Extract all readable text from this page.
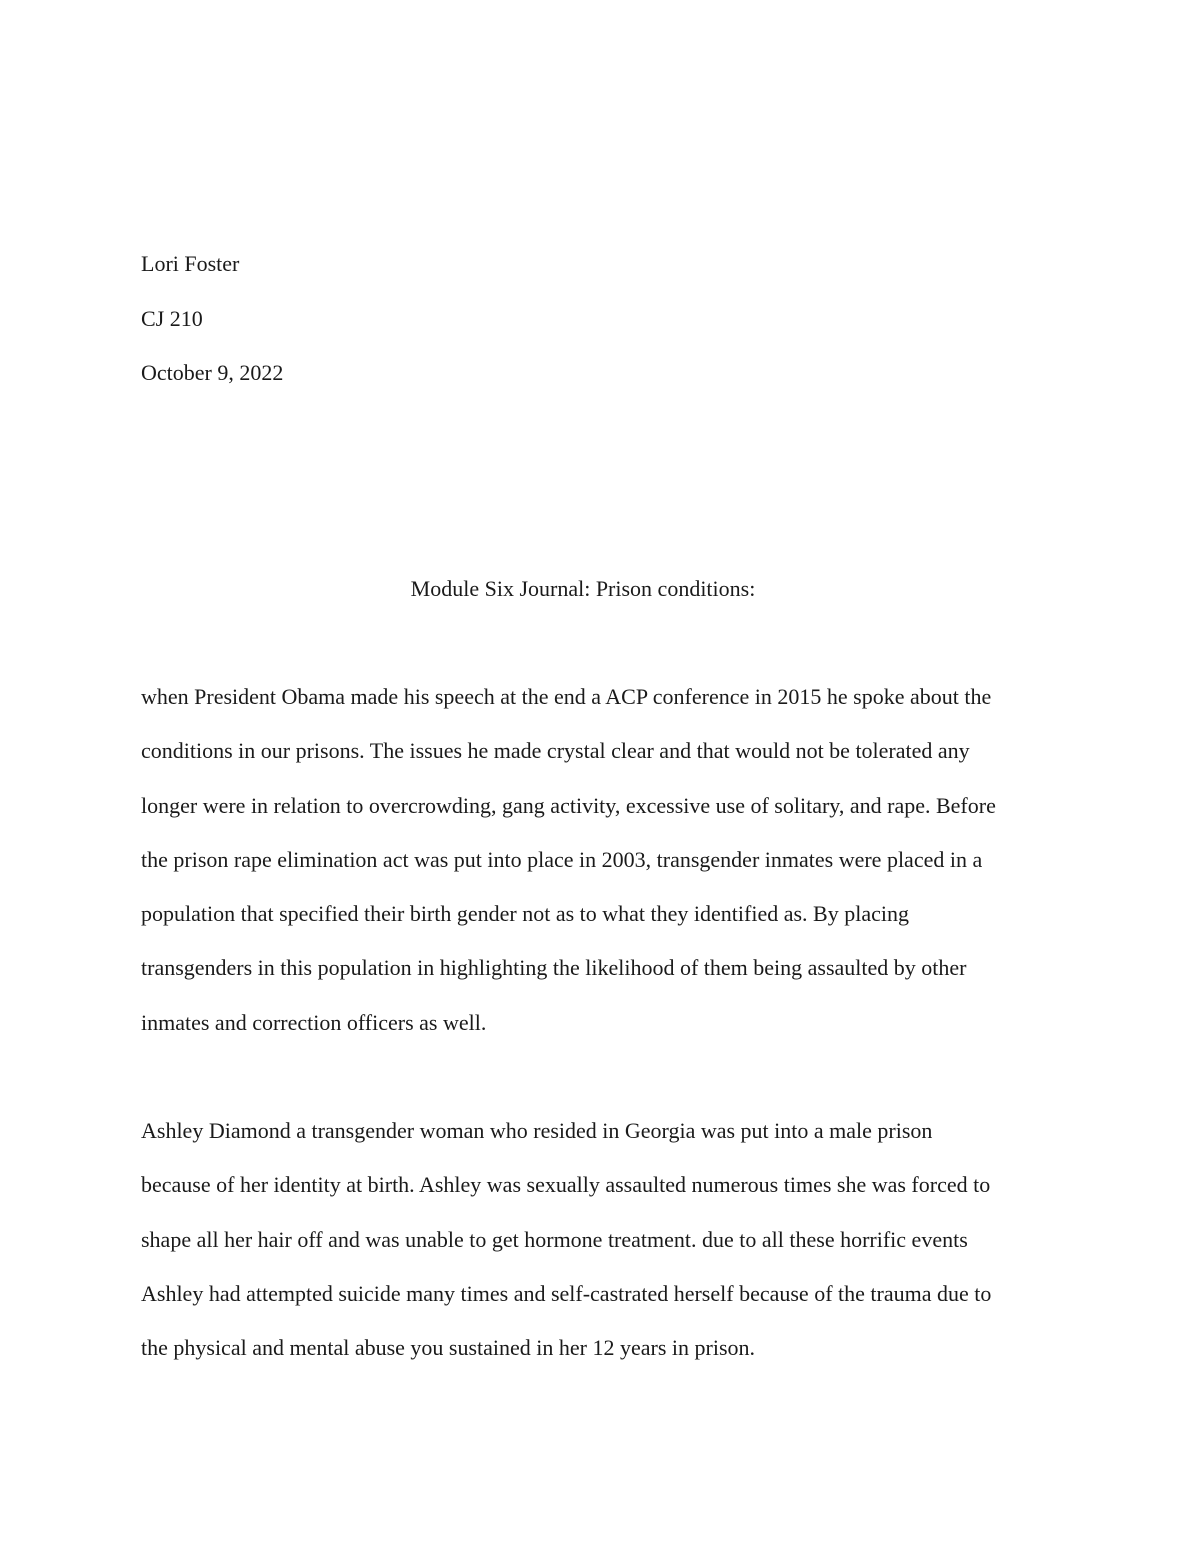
Lori Foster

CJ 210

October 9, 2022

Module Six Journal: Prison conditions:

when President Obama made his speech at the end a ACP conference in 2015 he spoke about the
conditions in our prisons. The issues he made crystal clear and that would not be tolerated any
longer were in relation to overcrowding, gang activity, excessive use of solitary, and rape. Before
the prison rape elimination act was put into place in 2003, transgender inmates were placed in a
population that specified their birth gender not as to what they identified as. By placing
transgenders in this population in highlighting the likelihood of them being assaulted by other
inmates and correction officers as well.
Ashley Diamond a transgender woman who resided in Georgia was put into a male prison
because of her identity at birth. Ashley was sexually assaulted numerous times she was forced to
shape all her hair off and was unable to get hormone treatment. due to all these horrific events
Ashley had attempted suicide many times and self-castrated herself because of the trauma due to
the physical and mental abuse you sustained in her 12 years in prison.
